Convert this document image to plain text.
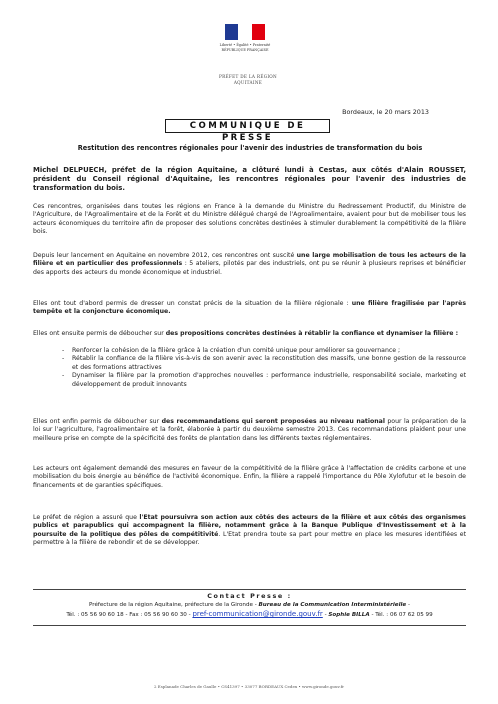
Liberté • Égalité • Fraternité
RÉPUBLIQUE FRANÇAISE
PRÉFET DE LA RÉGION
AQUITAINE
Bordeaux, le 20 mars 2013
COMMUNIQUE DE PRESSE
Restitution des rencontres régionales pour l'avenir des industries de transformation du bois
Michel DELPUECH, préfet de la région Aquitaine, a clôturé lundi à Cestas, aux côtés d'Alain ROUSSET, président du Conseil régional d'Aquitaine, les rencontres régionales pour l'avenir des industries de transformation du bois.
Ces rencontres, organisées dans toutes les régions en France à la demande du Ministre du Redressement Productif, du Ministre de l'Agriculture, de l'Agroalimentaire et de la Forêt et du Ministre délégué chargé de l'Agroalimentaire, avaient pour but de mobiliser tous les acteurs économiques du territoire afin de proposer des solutions concrètes destinées à stimuler durablement la compétitivité de la filière bois.
Depuis leur lancement en Aquitaine en novembre 2012, ces rencontres ont suscité une large mobilisation de tous les acteurs de la filière et en particulier des professionnels : 5 ateliers, pilotés par des industriels, ont pu se réunir à plusieurs reprises et bénéficier des apports des acteurs du monde économique et industriel.
Elles ont tout d'abord permis de dresser un constat précis de la situation de la filière régionale : une filière fragilisée par l'après tempête et la conjoncture économique.
Elles ont ensuite permis de déboucher sur des propositions concrètes destinées à rétablir la confiance et dynamiser la filière :
- Renforcer la cohésion de la filière grâce à la création d'un comité unique pour améliorer sa gouvernance ;
- Rétablir la confiance de la filière vis-à-vis de son avenir avec la reconstitution des massifs, une bonne gestion de la ressource et des formations attractives
- Dynamiser la filière par la promotion d'approches nouvelles : performance industrielle, responsabilité sociale, marketing et développement de produit innovants
Elles ont enfin permis de déboucher sur des recommandations qui seront proposées au niveau national pour la préparation de la loi sur l'agriculture, l'agroalimentaire et la forêt, élaborée à partir du deuxième semestre 2013. Ces recommandations plaident pour une meilleure prise en compte de la spécificité des forêts de plantation dans les différents textes réglementaires.
Les acteurs ont également demandé des mesures en faveur de la compétitivité de la filière grâce à l'affectation de crédits carbone et une mobilisation du bois énergie au bénéfice de l'activité économique. Enfin, la filière a rappelé l'importance du Pôle Xylofutur et le besoin de financements et de garanties spécifiques.
Le préfet de région a assuré que l'Etat poursuivra son action aux côtés des acteurs de la filière et aux côtés des organismes publics et parapublics qui accompagnent la filière, notamment grâce à la Banque Publique d'Investissement et à la poursuite de la politique des pôles de compétitivité. L'Etat prendra toute sa part pour mettre en place les mesures identifiées et permettre à la filière de rebondir et de se développer.
Contact Presse :
Préfecture de la région Aquitaine, préfecture de la Gironde - Bureau de la Communication Interministérielle -
Tél. : 05 56 90 60 18 - Fax : 05 56 90 60 30 - pref-communication@gironde.gouv.fr - Sophie BILLA - Tél. : 06 07 62 05 99
2 Esplanade Charles de Gaulle • CS41397 • 33077 BORDEAUX Cedex • www.gironde.gouv.fr
